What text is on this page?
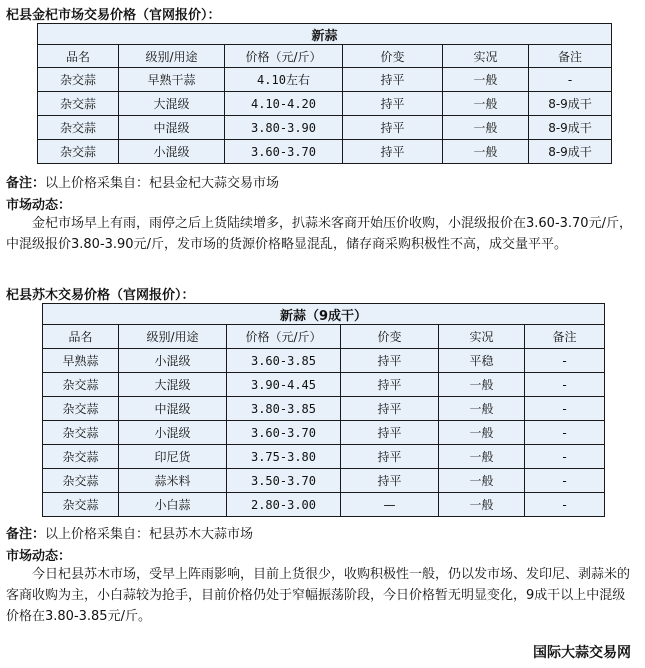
杞县金杞市场交易价格（官网报价）：
新蒜					
品名	级别/用途	价格（元/斤）	价变	实况	备注
杂交蒜	早熟干蒜	4.10左右	持平	一般	-
杂交蒜	大混级	4.10-4.20	持平	一般	8-9成干
杂交蒜	中混级	3.80-3.90	持平	一般	8-9成干
杂交蒜	小混级	3.60-3.70	持平	一般	8-9成干
备注：以上价格采集自：杞县金杞大蒜交易市场
市场动态：
金杞市场早上有雨，雨停之后上货陆续增多，扒蒜米客商开始压价收购，小混级报价在3.60-3.70元/斤，中混级报价3.80-3.90元/斤，发市场的货源价格略显混乱，储存商采购积极性不高，成交量平平。
杞县苏木交易价格（官网报价）：
新蒜（9成干）					
品名	级别/用途	价格（元/斤）	价变	实况	备注
早熟蒜	小混级	3.60-3.85	持平	平稳	-
杂交蒜	大混级	3.90-4.45	持平	一般	-
杂交蒜	中混级	3.80-3.85	持平	一般	-
杂交蒜	小混级	3.60-3.70	持平	一般	-
杂交蒜	印尼货	3.75-3.80	持平	一般	-
杂交蒜	蒜米料	3.50-3.70	持平	一般	-
杂交蒜	小白蒜	2.80-3.00	—	一般	-
备注：以上价格采集自：杞县苏木大蒜市场
市场动态：
今日杞县苏木市场，受早上阵雨影响，目前上货很少，收购积极性一般，仍以发市场、发印尼、剥蒜米的客商收购为主，小白蒜较为抢手，目前价格仍处于窄幅振荡阶段，今日价格暂无明显变化，9成干以上中混级价格在3.80-3.85元/斤。
国际大蒜交易网
